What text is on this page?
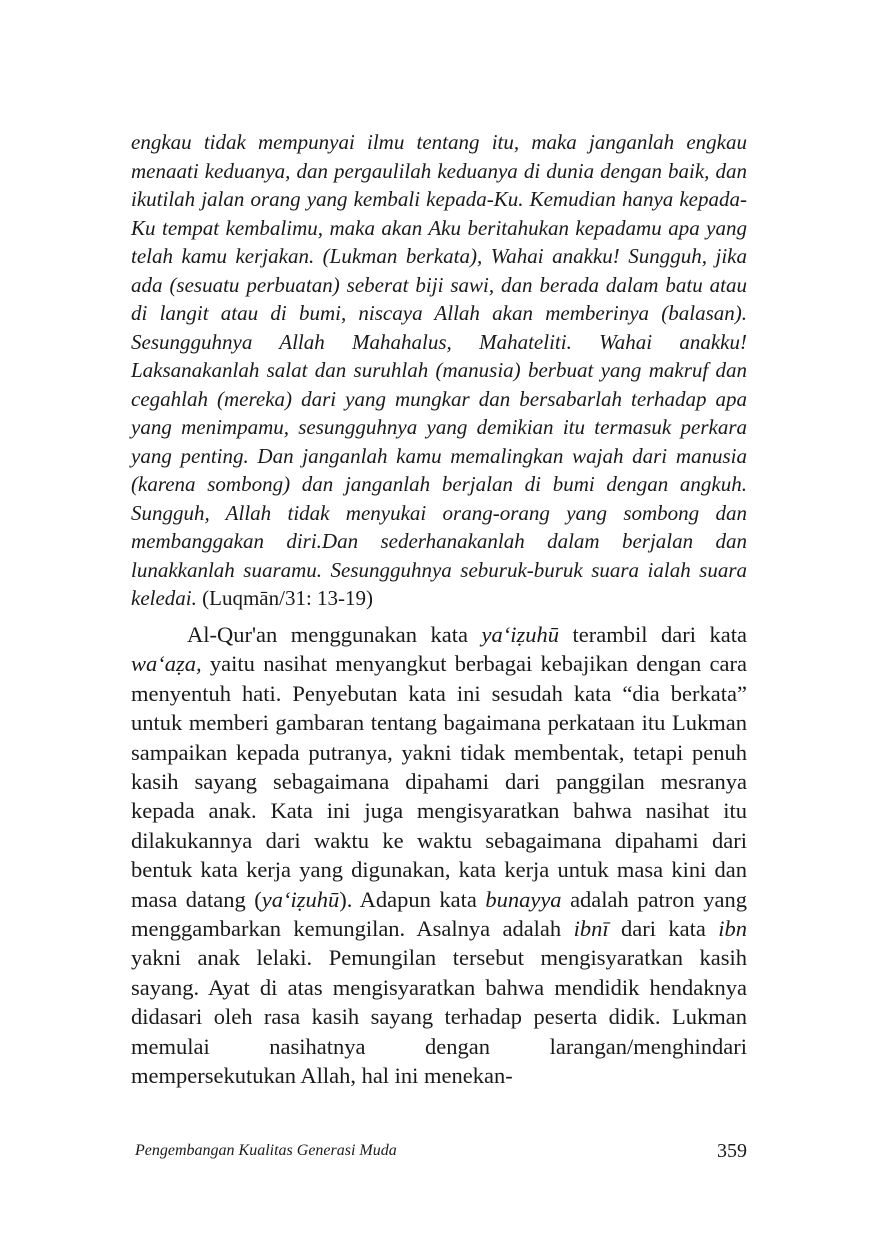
engkau tidak mempunyai ilmu tentang itu, maka janganlah engkau menaati keduanya, dan pergaulilah keduanya di dunia dengan baik, dan ikutilah jalan orang yang kembali kepada-Ku. Kemudian hanya kepada-Ku tempat kembalimu, maka akan Aku beritahukan kepadamu apa yang telah kamu kerjakan. (Lukman berkata), Wahai anakku! Sungguh, jika ada (sesuatu perbuatan) seberat biji sawi, dan berada dalam batu atau di langit atau di bumi, niscaya Allah akan memberinya (balasan). Sesungguhnya Allah Mahahalus, Mahateliti. Wahai anakku! Laksanakanlah salat dan suruhlah (manusia) berbuat yang makruf dan cegahlah (mereka) dari yang mungkar dan bersabarlah terhadap apa yang menimpamu, sesungguhnya yang demikian itu termasuk perkara yang penting. Dan janganlah kamu memalingkan wajah dari manusia (karena sombong) dan janganlah berjalan di bumi dengan angkuh. Sungguh, Allah tidak menyukai orang-orang yang sombong dan membanggakan diri.Dan sederhanakanlah dalam berjalan dan lunakkanlah suaramu. Sesungguhnya seburuk-buruk suara ialah suara keledai. (Luqmān/31: 13-19)

Al-Qur'an menggunakan kata ya‘iẓuhū terambil dari kata wa‘aẓa, yaitu nasihat menyangkut berbagai kebajikan dengan cara menyentuh hati. Penyebutan kata ini sesudah kata “dia berkata” untuk memberi gambaran tentang bagaimana perkataan itu Lukman sampaikan kepada putranya, yakni tidak membentak, tetapi penuh kasih sayang sebagaimana dipahami dari panggilan mesranya kepada anak. Kata ini juga mengisyaratkan bahwa nasihat itu dilakukannya dari waktu ke waktu sebagaimana dipahami dari bentuk kata kerja yang digunakan, kata kerja untuk masa kini dan masa datang (ya‘iẓuhū). Adapun kata bunayya adalah patron yang menggambarkan kemungilan. Asalnya adalah ibnī dari kata ibn yakni anak lelaki. Pemungilan tersebut mengisyaratkan kasih sayang. Ayat di atas mengisyaratkan bahwa mendidik hendaknya didasari oleh rasa kasih sayang terhadap peserta didik. Lukman memulai nasihatnya dengan larangan/menghindari mempersekutukan Allah, hal ini menekan-

Pengembangan Kualitas Generasi Muda	359
